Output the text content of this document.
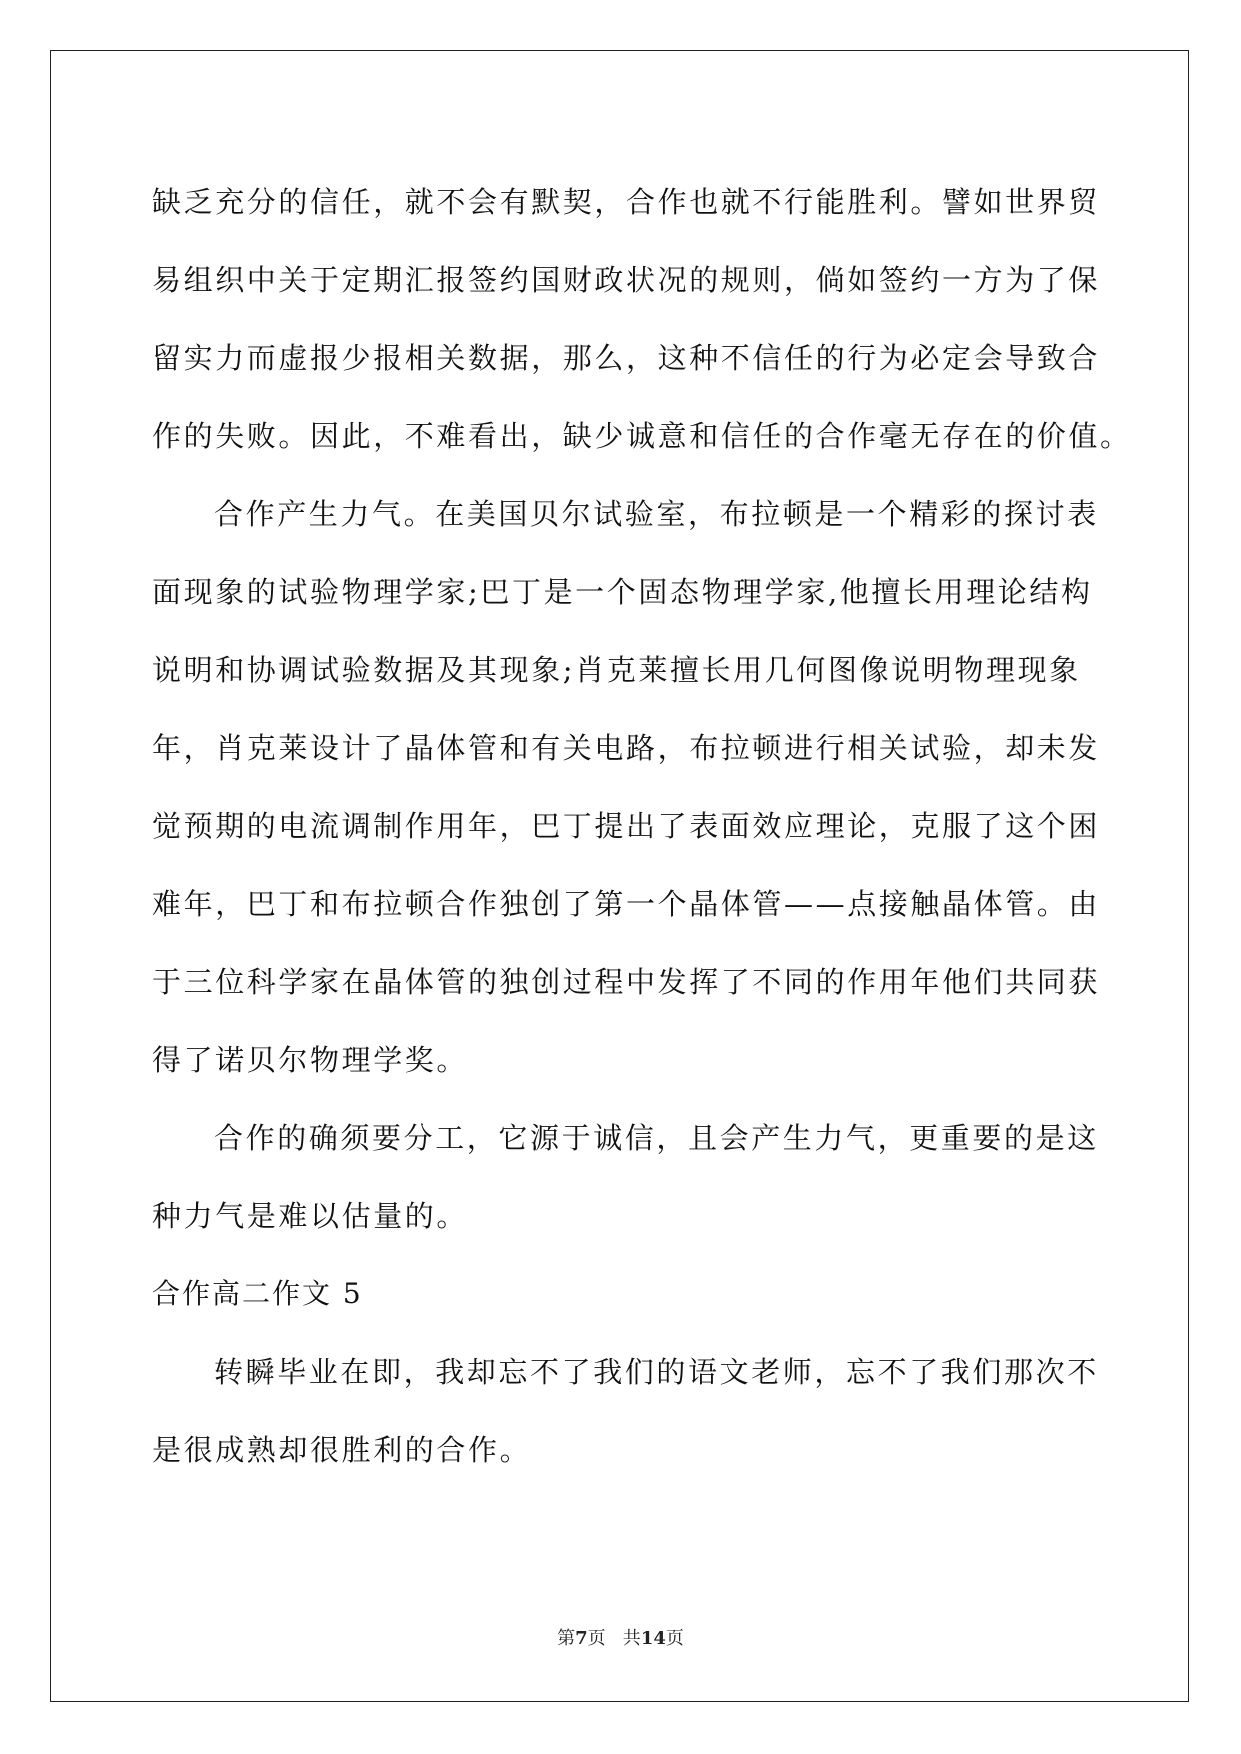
缺乏充分的信任，就不会有默契，合作也就不行能胜利。譬如世界贸
易组织中关于定期汇报签约国财政状况的规则，倘如签约一方为了保
留实力而虚报少报相关数据，那么，这种不信任的行为必定会导致合
作的失败。因此，不难看出，缺少诚意和信任的合作毫无存在的价值。
合作产生力气。在美国贝尔试验室，布拉顿是一个精彩的探讨表
面现象的试验物理学家;巴丁是一个固态物理学家,他擅长用理论结构
说明和协调试验数据及其现象;肖克莱擅长用几何图像说明物理现象
年，肖克莱设计了晶体管和有关电路，布拉顿进行相关试验，却未发
觉预期的电流调制作用年，巴丁提出了表面效应理论，克服了这个困
难年，巴丁和布拉顿合作独创了第一个晶体管——点接触晶体管。由
于三位科学家在晶体管的独创过程中发挥了不同的作用年他们共同获
得了诺贝尔物理学奖。
合作的确须要分工，它源于诚信，且会产生力气，更重要的是这
种力气是难以估量的。
合作高二作文 5
转瞬毕业在即，我却忘不了我们的语文老师，忘不了我们那次不
是很成熟却很胜利的合作。
第7页   共14页
